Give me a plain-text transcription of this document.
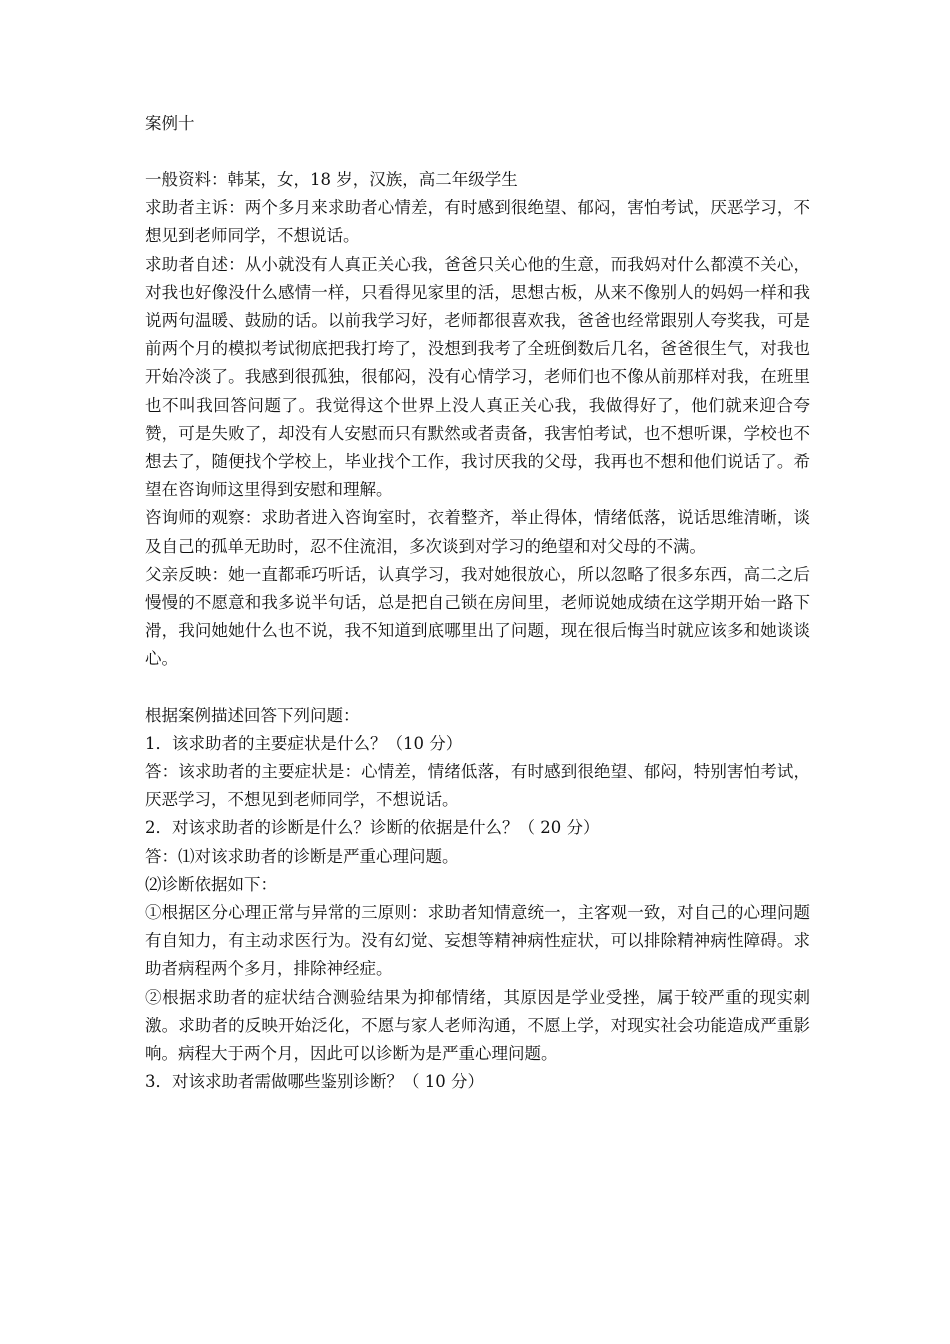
案例十

一般资料：韩某，女，18 岁，汉族，高二年级学生

求助者主诉：两个多月来求助者心情差，有时感到很绝望、郁闷，害怕考试，厌恶学习，不想见到老师同学，不想说话。

求助者自述：从小就没有人真正关心我，爸爸只关心他的生意，而我妈对什么都漠不关心，对我也好像没什么感情一样，只看得见家里的活，思想古板，从来不像别人的妈妈一样和我说两句温暖、鼓励的话。以前我学习好，老师都很喜欢我，爸爸也经常跟别人夸奖我，可是前两个月的模拟考试彻底把我打垮了，没想到我考了全班倒数后几名，爸爸很生气，对我也开始冷淡了。我感到很孤独，很郁闷，没有心情学习，老师们也不像从前那样对我，在班里也不叫我回答问题了。我觉得这个世界上没人真正关心我，我做得好了，他们就来迎合夸赞，可是失败了，却没有人安慰而只有默然或者责备，我害怕考试，也不想听课，学校也不想去了，随便找个学校上，毕业找个工作，我讨厌我的父母，我再也不想和他们说话了。希望在咨询师这里得到安慰和理解。

咨询师的观察：求助者进入咨询室时，衣着整齐，举止得体，情绪低落，说话思维清晰，谈及自己的孤单无助时，忍不住流泪，多次谈到对学习的绝望和对父母的不满。

父亲反映：她一直都乖巧听话，认真学习，我对她很放心，所以忽略了很多东西，高二之后慢慢的不愿意和我多说半句话，总是把自己锁在房间里，老师说她成绩在这学期开始一路下滑，我问她她什么也不说，我不知道到底哪里出了问题，现在很后悔当时就应该多和她谈谈心。

根据案例描述回答下列问题：

1．该求助者的主要症状是什么？（10 分）

答：该求助者的主要症状是：心情差，情绪低落，有时感到很绝望、郁闷，特别害怕考试，厌恶学习，不想见到老师同学，不想说话。

2．对该求助者的诊断是什么？诊断的依据是什么？（ 20 分）

答：⑴对该求助者的诊断是严重心理问题。

⑵诊断依据如下：

①根据区分心理正常与异常的三原则：求助者知情意统一，主客观一致，对自己的心理问题有自知力，有主动求医行为。没有幻觉、妄想等精神病性症状，可以排除精神病性障碍。求助者病程两个多月，排除神经症。

②根据求助者的症状结合测验结果为抑郁情绪，其原因是学业受挫，属于较严重的现实刺激。求助者的反映开始泛化，不愿与家人老师沟通，不愿上学，对现实社会功能造成严重影响。病程大于两个月，因此可以诊断为是严重心理问题。

3．对该求助者需做哪些鉴别诊断？（ 10 分）
